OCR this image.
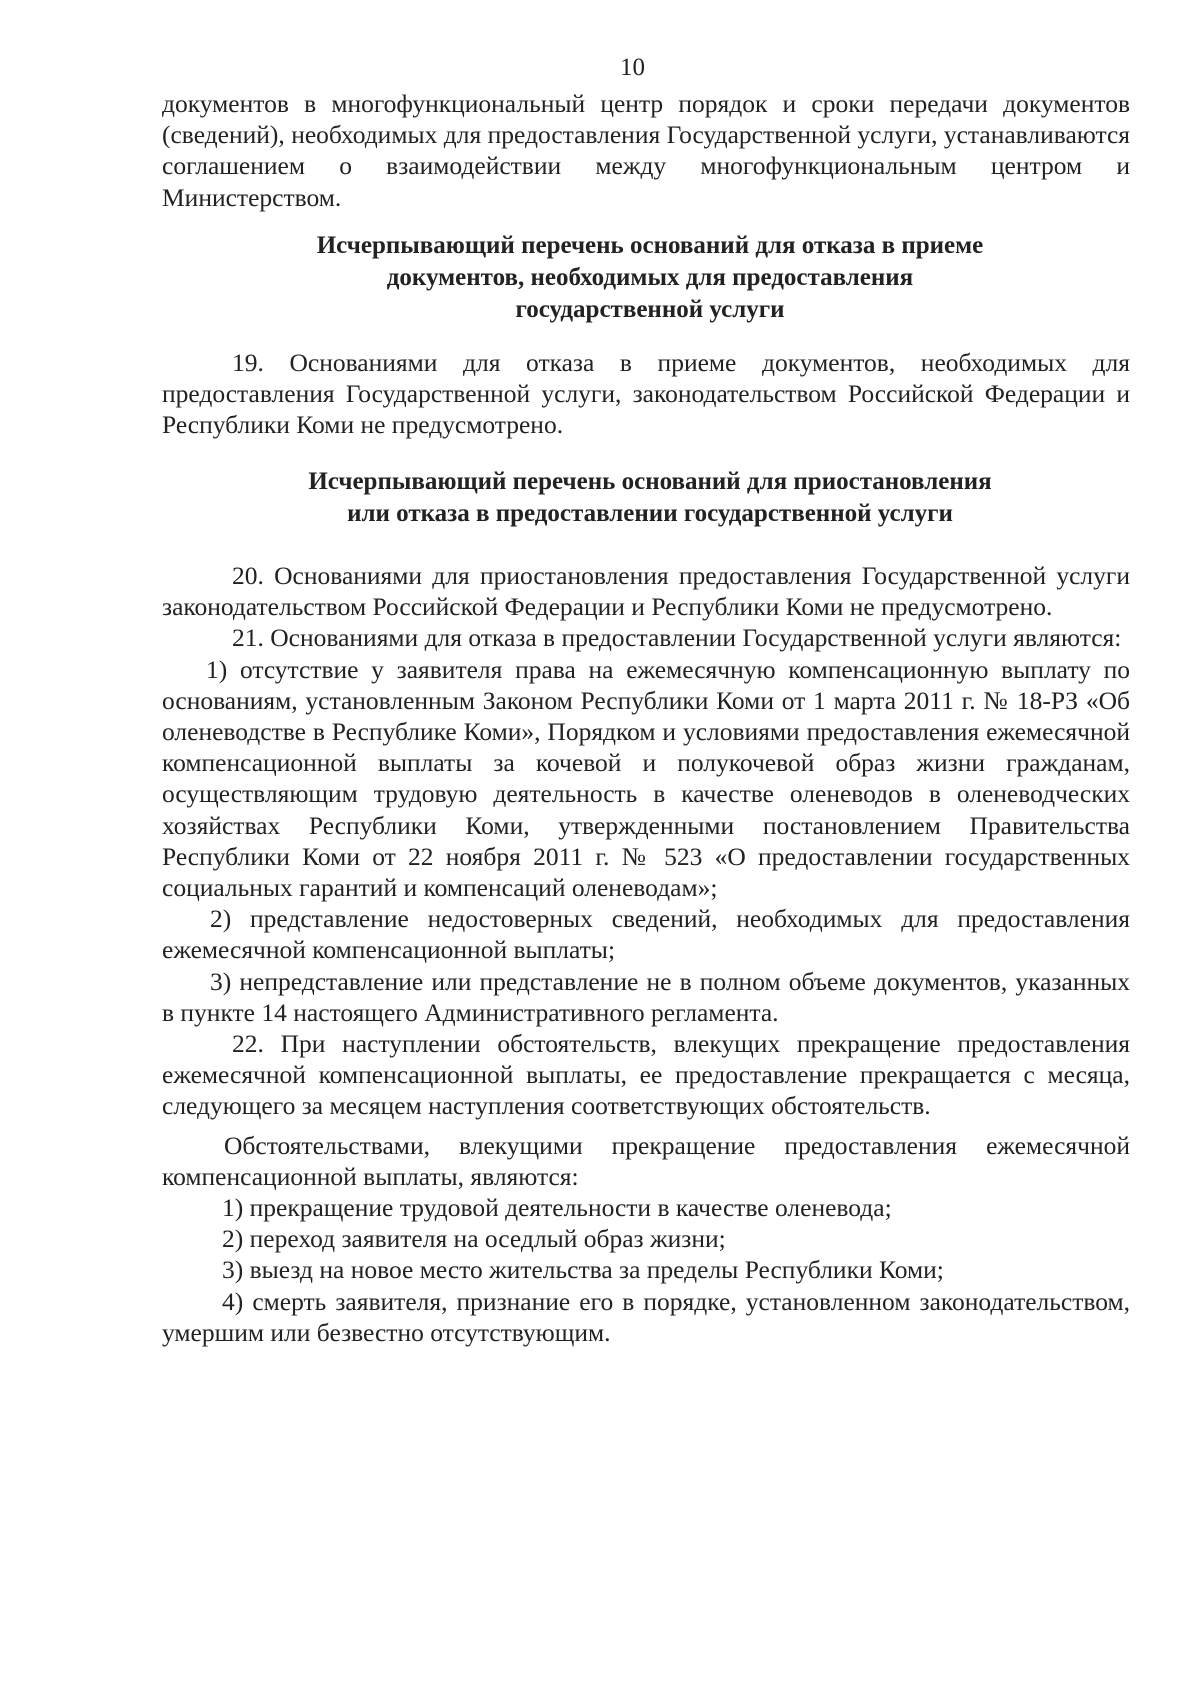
10

документов в многофункциональный центр порядок и сроки передачи документов (сведений), необходимых для предоставления Государственной услуги, устанавливаются соглашением о взаимодействии между многофункциональным центром и Министерством.

Исчерпывающий перечень оснований для отказа в приеме
документов, необходимых для предоставления
государственной услуги

19. Основаниями для отказа в приеме документов, необходимых для предоставления Государственной услуги, законодательством Российской Федерации и Республики Коми не предусмотрено.

Исчерпывающий перечень оснований для приостановления
или отказа в предоставлении государственной услуги

20. Основаниями для приостановления предоставления Государственной услуги законодательством Российской Федерации и Республики Коми не предусмотрено.

21. Основаниями для отказа в предоставлении Государственной услуги являются:

1) отсутствие у заявителя права на ежемесячную компенсационную выплату по основаниям, установленным Законом Республики Коми от 1 марта 2011 г. № 18-РЗ «Об оленеводстве в Республике Коми», Порядком и условиями предоставления ежемесячной компенсационной выплаты за кочевой и полукочевой образ жизни гражданам, осуществляющим трудовую деятельность в качестве оленеводов в оленеводческих хозяйствах Республики Коми, утвержденными постановлением Правительства Республики Коми от 22 ноября 2011 г. № 523 «О предоставлении государственных социальных гарантий и компенсаций оленеводам»;

2) представление недостоверных сведений, необходимых для предоставления ежемесячной компенсационной выплаты;

3) непредставление или представление не в полном объеме документов, указанных в пункте 14 настоящего Административного регламента.

22. При наступлении обстоятельств, влекущих прекращение предоставления ежемесячной компенсационной выплаты, ее предоставление прекращается с месяца, следующего за месяцем наступления соответствующих обстоятельств.

Обстоятельствами, влекущими прекращение предоставления ежемесячной компенсационной выплаты, являются:

1) прекращение трудовой деятельности в качестве оленевода;

2) переход заявителя на оседлый образ жизни;

3) выезд на новое место жительства за пределы Республики Коми;

4) смерть заявителя, признание его в порядке, установленном законодательством, умершим или безвестно отсутствующим.
